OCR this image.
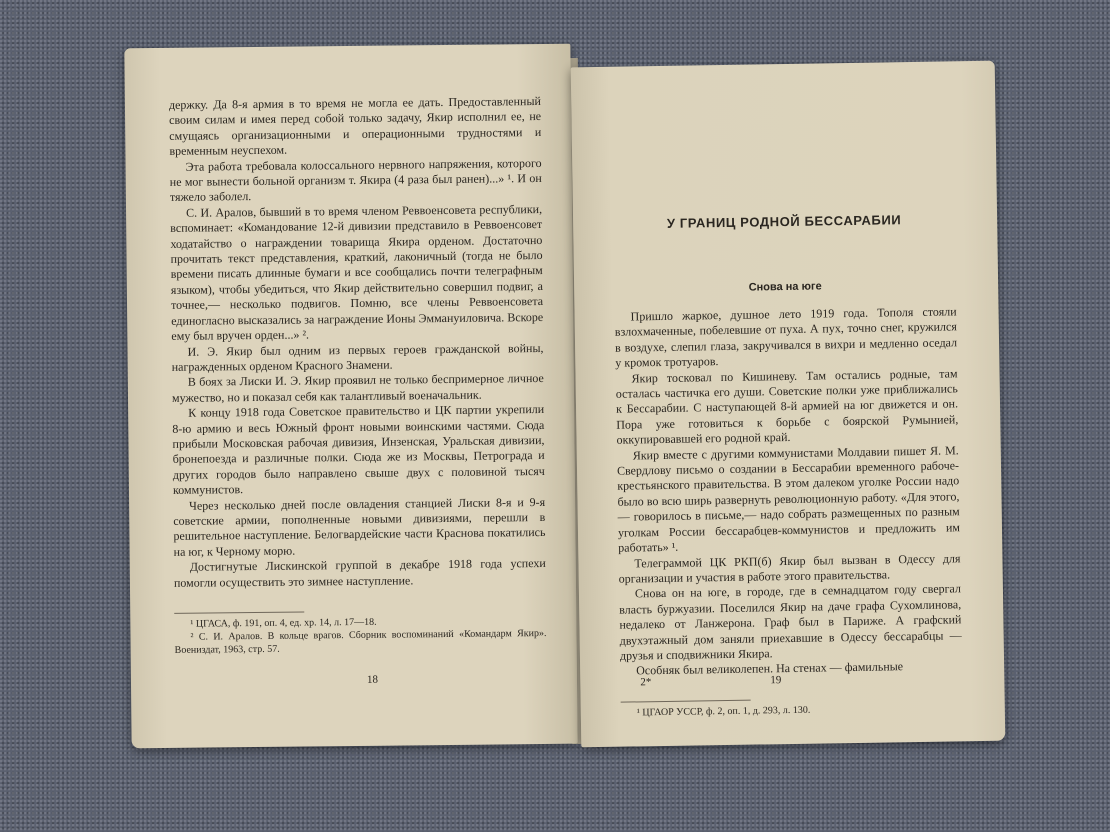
держку. Да 8-я армия в то время не могла ее дать. Предоставленный своим силам и имея перед собой только задачу, Якир исполнил ее, не смущаясь организационными и операционными трудностями и временным неуспехом.

Эта работа требовала колоссального нервного напряжения, которого не мог вынести больной организм т. Якира (4 раза был ранен)...» ¹. И он тяжело заболел.

С. И. Аралов, бывший в то время членом Реввоенсовета республики, вспоминает: «Командование 12-й дивизии представило в Реввоенсовет ходатайство о награждении товарища Якира орденом. Достаточно прочитать текст представления, краткий, лаконичный (тогда не было времени писать длинные бумаги и все сообщались почти телеграфным языком), чтобы убедиться, что Якир действительно совершил подвиг, а точнее,— несколько подвигов. Помню, все члены Реввоенсовета единогласно высказались за награждение Ионы Эммануиловича. Вскоре ему был вручен орден...» ².

И. Э. Якир был одним из первых героев гражданской войны, награжденных орденом Красного Знамени.

В боях за Лиски И. Э. Якир проявил не только беспримерное личное мужество, но и показал себя как талантливый военачальник.

К концу 1918 года Советское правительство и ЦК партии укрепили 8-ю армию и весь Южный фронт новыми воинскими частями. Сюда прибыли Московская рабочая дивизия, Инзенская, Уральская дивизии, бронепоезда и различные полки. Сюда же из Москвы, Петрограда и других городов было направлено свыше двух с половиной тысяч коммунистов.

Через несколько дней после овладения станцией Лиски 8-я и 9-я советские армии, пополненные новыми дивизиями, перешли в решительное наступление. Белогвардейские части Краснова покатились на юг, к Черному морю.

Достигнутые Лискинской группой в декабре 1918 года успехи помогли осуществить это зимнее наступление.

¹ ЦГАСА, ф. 191, оп. 4, ед. хр. 14, л. 17—18.

² С. И. Аралов. В кольце врагов. Сборник воспоминаний «Командарм Якир». Воениздат, 1963, стр. 57.

18
У ГРАНИЦ РОДНОЙ БЕССАРАБИИ
Снова на юге

Пришло жаркое, душное лето 1919 года. Тополя стояли взлохмаченные, побелевшие от пуха. А пух, точно снег, кружился в воздухе, слепил глаза, закручивался в вихри и медленно оседал у кромок тротуаров.

Якир тосковал по Кишиневу. Там остались родные, там осталась частичка его души. Советские полки уже приближались к Бессарабии. С наступающей 8-й армией на юг движется и он. Пора уже готовиться к борьбе с боярской Румынией, оккупировавшей его родной край.

Якир вместе с другими коммунистами Молдавии пишет Я. М. Свердлову письмо о создании в Бессарабии временного рабоче-крестьянского правительства. В этом далеком уголке России надо было во всю ширь развернуть революционную работу. «Для этого,— говорилось в письме,— надо собрать размещенных по разным уголкам России бессарабцев-коммунистов и предложить им работать» ¹.

Телеграммой ЦК РКП(б) Якир был вызван в Одессу для организации и участия в работе этого правительства.

Снова он на юге, в городе, где в семнадцатом году свергал власть буржуазии. Поселился Якир на даче графа Сухомлинова, недалеко от Ланжерона. Граф был в Париже. А графский двухэтажный дом заняли приехавшие в Одессу бессарабцы — друзья и сподвижники Якира.

Особняк был великолепен. На стенах — фамильные

¹ ЦГАОР УССР, ф. 2, оп. 1, д. 293, л. 130.

2*	19
